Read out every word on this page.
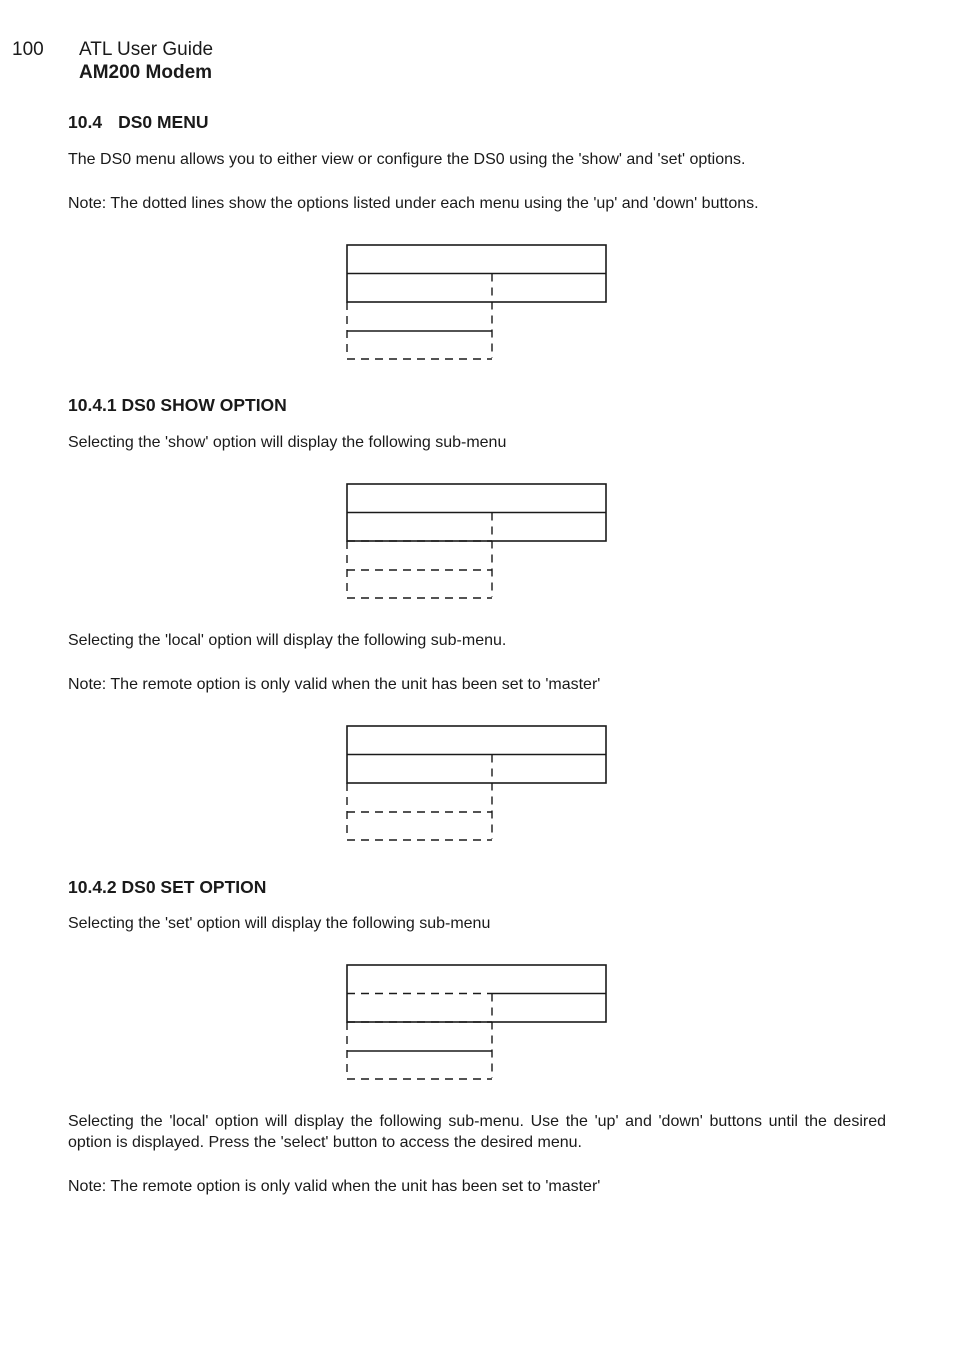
100 ATL User Guide
AM200 Modem
10.4 DS0 MENU
The DS0 menu allows you to either view or configure the DS0 using the 'show' and 'set' options.
Note: The dotted lines show the options listed under each menu using the 'up' and 'down' buttons.
10.4.1 DS0 SHOW OPTION
Selecting the 'show' option will display the following sub-menu
Selecting the 'local' option will display the following sub-menu.
Note: The remote option is only valid when the unit has been set to 'master'
10.4.2 DS0 SET OPTION
Selecting the 'set' option will display the following sub-menu
Selecting the 'local' option will display the following sub-menu. Use the 'up' and 'down' buttons until the desired option is displayed. Press the 'select' button to access the desired menu.
Note: The remote option is only valid when the unit has been set to 'master'
